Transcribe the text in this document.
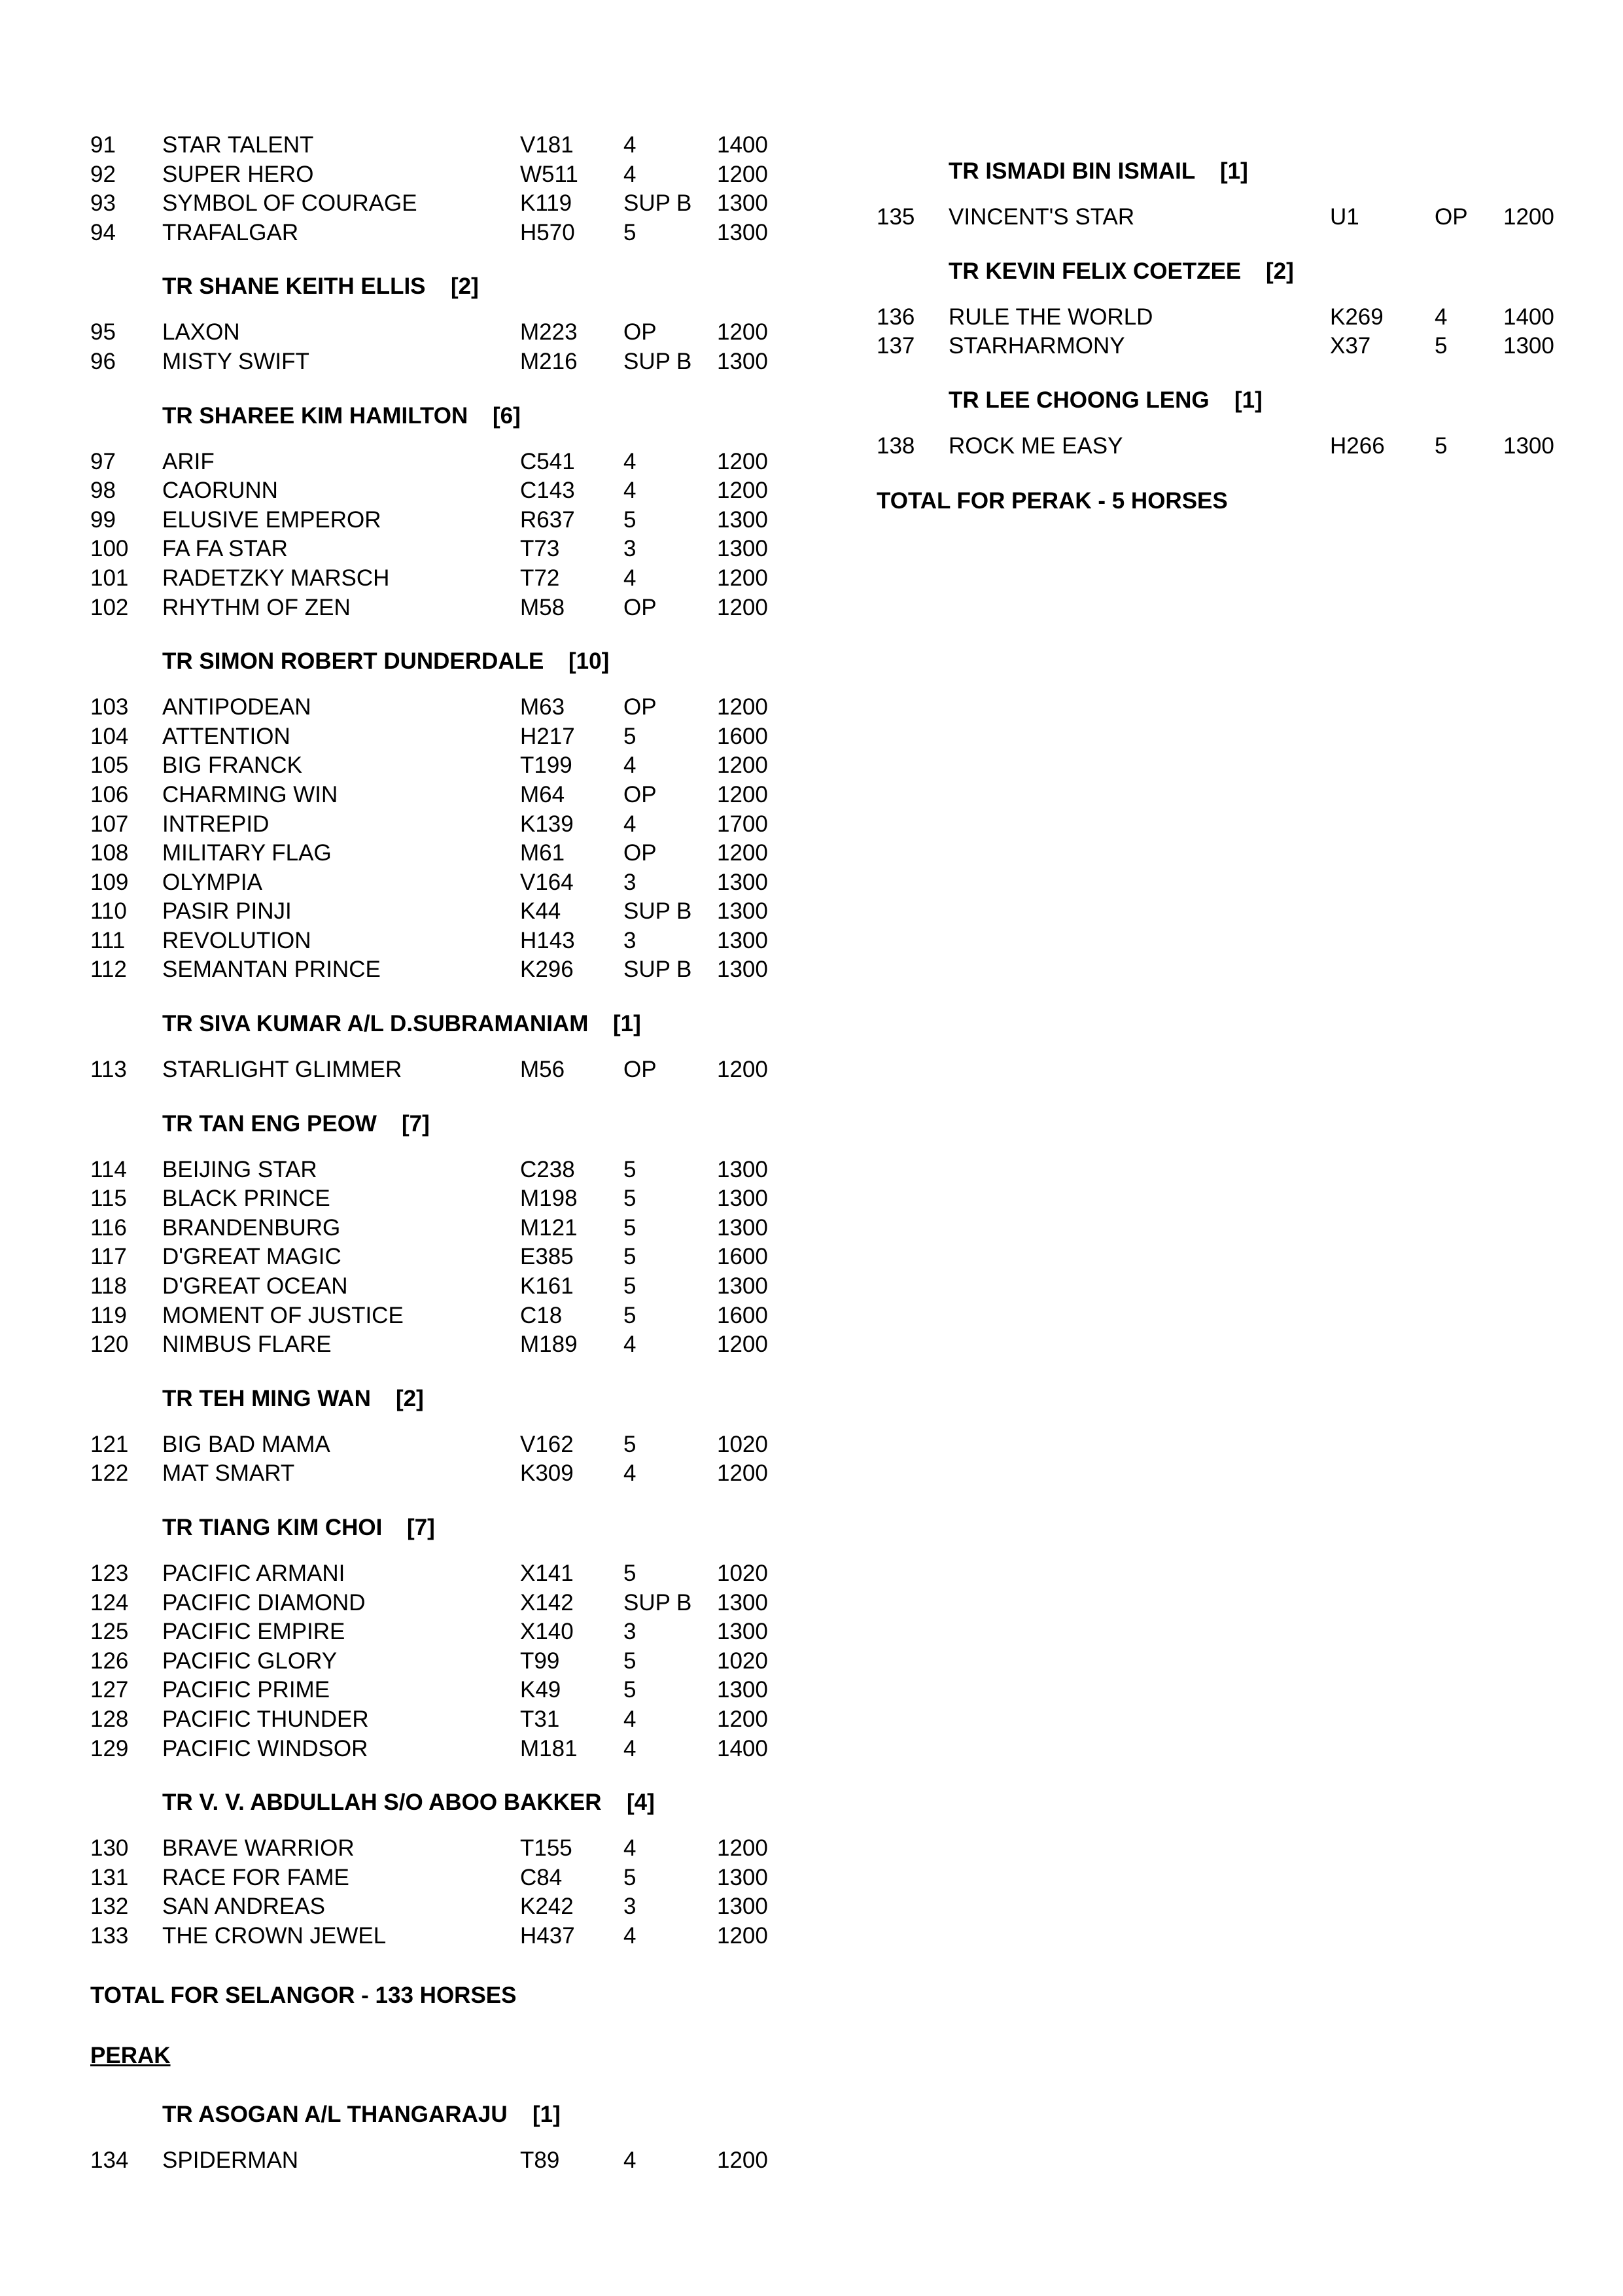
91 STAR TALENT	V181 4	1400
92 SUPER HERO	W511 4	1200
93 SYMBOL OF COURAGE	K119 SUP B 1300
94 TRAFALGAR	H570 5	1300
TR SHANE KEITH ELLIS [2]
95 LAXON	M223 OP	1200
96 MISTY SWIFT	M216 SUP B 1300
TR SHAREE KIM HAMILTON [6]
97 ARIF	C541 4	1200
98 CAORUNN	C143 4	1200
99 ELUSIVE EMPEROR	R637 5	1300
100 FA FA STAR	T73	3	1300
101 RADETZKY MARSCH	T72	4	1200
102 RHYTHM OF ZEN	M58	OP	1200
TR SIMON ROBERT DUNDERDALE [10]
103 ANTIPODEAN	M63	OP	1200
104 ATTENTION	H217 5	1600
105 BIG FRANCK	T199 4	1200
106 CHARMING WIN	M64	OP	1200
107 INTREPID	K139 4	1700
108 MILITARY FLAG	M61	OP	1200
109 OLYMPIA	V164 3	1300
110 PASIR PINJI	K44	SUP B 1300
111 REVOLUTION	H143 3	1300
112 SEMANTAN PRINCE	K296 SUP B 1300
TR SIVA KUMAR A/L D.SUBRAMANIAM [1]
113 STARLIGHT GLIMMER	M56	OP	1200
TR TAN ENG PEOW [7]
114 BEIJING STAR	C238 5	1300
115 BLACK PRINCE	M198 5	1300
116 BRANDENBURG	M121 5	1300
117 D'GREAT MAGIC	E385 5	1600
118 D'GREAT OCEAN	K161 5	1300
119 MOMENT OF JUSTICE	C18	5	1600
120 NIMBUS FLARE	M189 4	1200
TR TEH MING WAN [2]
121 BIG BAD MAMA	V162 5	1020
122 MAT SMART	K309 4	1200
TR TIANG KIM CHOI [7]
123 PACIFIC ARMANI	X141 5	1020
124 PACIFIC DIAMOND	X142 SUP B 1300
125 PACIFIC EMPIRE	X140 3	1300
126 PACIFIC GLORY	T99	5	1020
127 PACIFIC PRIME	K49	5	1300
128 PACIFIC THUNDER	T31	4	1200
129 PACIFIC WINDSOR	M181 4	1400
TR V. V. ABDULLAH S/O ABOO BAKKER [4]
130 BRAVE WARRIOR	T155 4	1200
131 RACE FOR FAME	C84	5	1300
132 SAN ANDREAS	K242 3	1300
133 THE CROWN JEWEL	H437 4	1200
TOTAL FOR SELANGOR - 133 HORSES
PERAK
TR ASOGAN A/L THANGARAJU [1]
134 SPIDERMAN	T89	4	1200
TR ISMADI BIN ISMAIL [1]
135 VINCENT'S STAR	U1	OP 1200
TR KEVIN FELIX COETZEE [2]
136 RULE THE WORLD	K269 4 1400
137 STARHARMONY	X37	5 1300
TR LEE CHOONG LENG [1]
138 ROCK ME EASY	H266 5 1300
TOTAL FOR PERAK - 5 HORSES
